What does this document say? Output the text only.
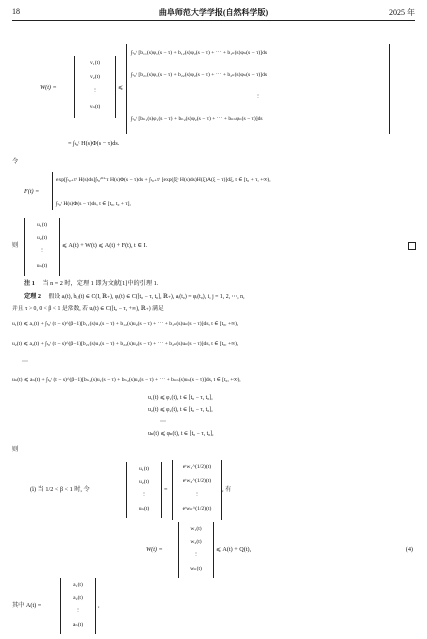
18	曲阜师范大学学报(自然科学版)	2025 年
W(t) =
v₁(t)
v₂(t)
⋮
vₙ(t)
⩽
∫ₜ₀ᵗ [b₁₁(s)φ₁(s − τ) + b₁₂(s)φ₂(s − τ) + ⋯ + b₁ₙ(s)φₙ(s − τ)]ds
∫ₜ₀ᵗ [b₂₁(s)φ₁(s − τ) + b₂₂(s)φ₂(s − τ) + ⋯ + b₂ₙ(s)φₙ(s − τ)]ds
⋮
∫ₜ₀ᵗ [bₙ₁(s)φ₁(s − τ) + bₙ₂(s)φ₂(s − τ) + ⋯ + bₙₙφₙ(s − τ)]ds
= ∫ₜ₀ᵗ H(s)Φ(s − τ)ds.
令
F(t) =
exp[∫ₜ₀₊τᵗ H(s)ds]∫ₜ₀ᵗ⁰⁺τ H(s)Φ(s − τ)ds + ∫ₜ₀₊τᵗ [exp(∫ξᵗ H(s)ds)H(ξ)A(ξ − τ)]dξ, t ∈ [t₀ + τ, +∞),
∫ₜ₀ᵗ H(s)Φ(s − τ)ds, t ∈ [t₀, t₀ + τ],
则
u₁(t)
u₂(t)
⋮
uₙ(t)
⩽ A(t) + W(t) ⩽ A(t) + F(t), t ∈ I.
注 1 当 n = 2 时，定理 1 即为文献[1]中的引理 1.
定理 2 假设 aᵢ(t), bᵢⱼ(t) ∈ C(I, ℝ₊), φᵢ(t) ∈ C([t₀ − τ, t₀], ℝ₊), aᵢ(t₀) = φᵢ(t₀), i, j = 1, 2, ⋯, n,
并且 τ > 0, 0 < β < 1 是常数, 若 uᵢ(t) ∈ C([t₀ − τ, +∞), ℝ₊) 满足
u₁(t) ⩽ a₁(t) + ∫ₜ₀ᵗ (t − s)^(β−1)[b₁₁(s)u₁(s − τ) + b₁₂(s)u₂(s − τ) + ⋯ + b₁ₙ(s)uₙ(s − τ)]ds, t ∈ [t₀, +∞),
u₂(t) ⩽ a₂(t) + ∫ₜ₀ᵗ (t − s)^(β−1)[b₂₁(s)u₁(s − τ) + b₂₂(s)u₂(s − τ) + ⋯ + b₂ₙ(s)uₙ(s − τ)]ds, t ∈ [t₀, +∞),
⋯
uₙ(t) ⩽ aₙ(t) + ∫ₜ₀ᵗ (t − s)^(β−1)[bₙ₁(s)u₁(s − τ) + bₙ₂(s)u₂(s − τ) + ⋯ + bₙₙ(s)uₙ(s − τ)]ds, t ∈ [t₀, +∞),
u₁(t) ⩽ φ₁(t), t ∈ [t₀ − τ, t₀],
u₂(t) ⩽ φ₂(t), t ∈ [t₀ − τ, t₀],
⋯
uₙ(t) ⩽ φₙ(t), t ∈ [t₀ − τ, t₀],
则
(ⅰ) 当 1/2 < β < 1 时, 令
u₁(t)
u₂(t)
⋮
uₙ(t)
=
eᵗw₁^(1/2)(t)
eᵗw₂^(1/2)(t)
⋮
eᵗwₙ^(1/2)(t)
, 有
W(t) =
w₁(t)
w₂(t)
⋮
wₙ(t)
⩽ A(t) + Q(t),	(4)
其中 A(t) =
a₁(t)
a₂(t)
⋮
aₙ(t)
,
